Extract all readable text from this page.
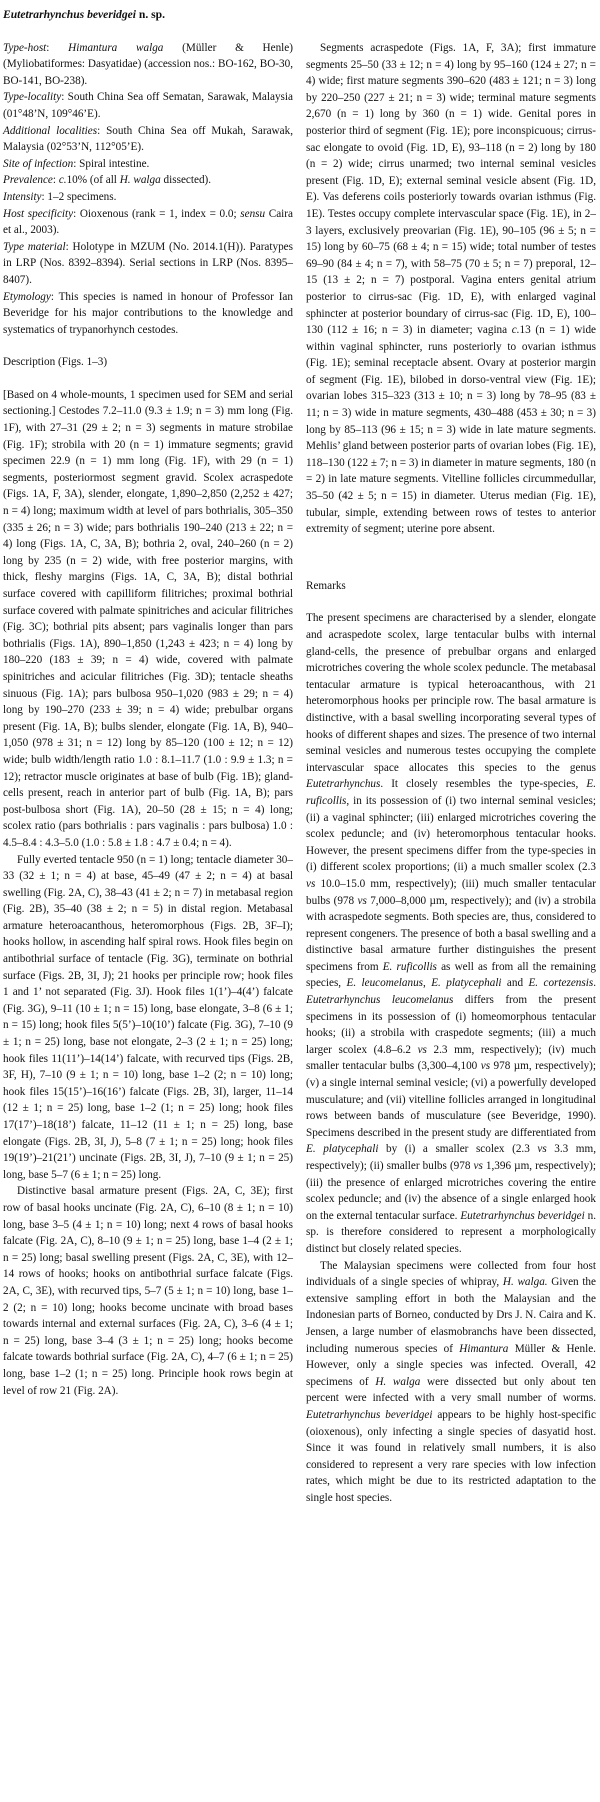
Eutetrarhynchus beveridgei n. sp.

Type-host: Himantura walga (Müller & Henle) (Myliobatiformes: Dasyatidae) (accession nos.: BO-162, BO-30, BO-141, BO-238).

Type-locality: South China Sea off Sematan, Sarawak, Malaysia (01°48’N, 109°46’E).

Additional localities: South China Sea off Mukah, Sarawak, Malaysia (02°53’N, 112°05’E).

Site of infection: Spiral intestine.

Prevalence: c.10% (of all H. walga dissected).

Intensity: 1–2 specimens.

Host specificity: Oioxenous (rank = 1, index = 0.0; sensu Caira et al., 2003).

Type material: Holotype in MZUM (No. 2014.1(H)). Paratypes in LRP (Nos. 8392–8394). Serial sections in LRP (Nos. 8395–8407).

Etymology: This species is named in honour of Professor Ian Beveridge for his major contributions to the knowledge and systematics of trypanorhynch cestodes.

Description (Figs. 1–3)

[Based on 4 whole-mounts, 1 specimen used for SEM and serial sectioning.] Cestodes 7.2–11.0 (9.3 ± 1.9; n = 3) mm long (Fig. 1F), with 27–31 (29 ± 2; n = 3) segments in mature strobilae (Fig. 1F); strobila with 20 (n = 1) immature segments; gravid specimen 22.9 (n = 1) mm long (Fig. 1F), with 29 (n = 1) segments, posteriormost segment gravid. Scolex acraspedote (Figs. 1A, F, 3A), slender, elongate, 1,890–2,850 (2,252 ± 427; n = 4) long; maximum width at level of pars bothrialis, 305–350 (335 ± 26; n = 3) wide; pars bothrialis 190–240 (213 ± 22; n = 4) long (Figs. 1A, C, 3A, B); bothria 2, oval, 240–260 (n = 2) long by 235 (n = 2) wide, with free posterior margins, with thick, fleshy margins (Figs. 1A, C, 3A, B); distal bothrial surface covered with capilliform filitriches; proximal bothrial surface covered with palmate spinitriches and acicular filitriches (Fig. 3C); bothrial pits absent; pars vaginalis longer than pars bothrialis (Figs. 1A), 890–1,850 (1,243 ± 423; n = 4) long by 180–220 (183 ± 39; n = 4) wide, covered with palmate spinitriches and acicular filitriches (Fig. 3D); tentacle sheaths sinuous (Fig. 1A); pars bulbosa 950–1,020 (983 ± 29; n = 4) long by 190–270 (233 ± 39; n = 4) wide; prebulbar organs present (Fig. 1A, B); bulbs slender, elongate (Fig. 1A, B), 940–1,050 (978 ± 31; n = 12) long by 85–120 (100 ± 12; n = 12) wide; bulb width/length ratio 1.0 : 8.1–11.7 (1.0 : 9.9 ± 1.3; n = 12); retractor muscle originates at base of bulb (Fig. 1B); gland-cells present, reach in anterior part of bulb (Fig. 1A, B); pars post-bulbosa short (Fig. 1A), 20–50 (28 ± 15; n = 4) long; scolex ratio (pars bothrialis : pars vaginalis : pars bulbosa) 1.0 : 4.5–8.4 : 4.3–5.0 (1.0 : 5.8 ± 1.8 : 4.7 ± 0.4; n = 4).

Fully everted tentacle 950 (n = 1) long; tentacle diameter 30–33 (32 ± 1; n = 4) at base, 45–49 (47 ± 2; n = 4) at basal swelling (Fig. 2A, C), 38–43 (41 ± 2; n = 7) in metabasal region (Fig. 2B), 35–40 (38 ± 2; n = 5) in distal region. Metabasal armature heteroacanthous, heteromorphous (Figs. 2B, 3F–I); hooks hollow, in ascending half spiral rows. Hook files begin on antibothrial surface of tentacle (Fig. 3G), terminate on bothrial surface (Figs. 2B, 3I, J); 21 hooks per principle row; hook files 1 and 1’ not separated (Fig. 3J). Hook files 1(1’)–4(4’) falcate (Fig. 3G), 9–11 (10 ± 1; n = 15) long, base elongate, 3–8 (6 ± 1; n = 15) long; hook files 5(5’)–10(10’) falcate (Fig. 3G), 7–10 (9 ± 1; n = 25) long, base not elongate, 2–3 (2 ± 1; n = 25) long; hook files 11(11’)–14(14’) falcate, with recurved tips (Figs. 2B, 3F, H), 7–10 (9 ± 1; n = 10) long, base 1–2 (2; n = 10) long; hook files 15(15’)–16(16’) falcate (Figs. 2B, 3I), larger, 11–14 (12 ± 1; n = 25) long, base 1–2 (1; n = 25) long; hook files 17(17’)–18(18’) falcate, 11–12 (11 ± 1; n = 25) long, base elongate (Figs. 2B, 3I, J), 5–8 (7 ± 1; n = 25) long; hook files 19(19’)–21(21’) uncinate (Figs. 2B, 3I, J), 7–10 (9 ± 1; n = 25) long, base 5–7 (6 ± 1; n = 25) long.

Distinctive basal armature present (Figs. 2A, C, 3E); first row of basal hooks uncinate (Fig. 2A, C), 6–10 (8 ± 1; n = 10) long, base 3–5 (4 ± 1; n = 10) long; next 4 rows of basal hooks falcate (Fig. 2A, C), 8–10 (9 ± 1; n = 25) long, base 1–4 (2 ± 1; n = 25) long; basal swelling present (Figs. 2A, C, 3E), with 12–14 rows of hooks; hooks on antibothrial surface falcate (Figs. 2A, C, 3E), with recurved tips, 5–7 (5 ± 1; n = 10) long, base 1–2 (2; n = 10) long; hooks become uncinate with broad bases towards internal and external surfaces (Fig. 2A, C), 3–6 (4 ± 1; n = 25) long, base 3–4 (3 ± 1; n = 25) long; hooks become falcate towards bothrial surface (Fig. 2A, C), 4–7 (6 ± 1; n = 25) long, base 1–2 (1; n = 25) long. Principle hook rows begin at level of row 21 (Fig. 2A).

Segments acraspedote (Figs. 1A, F, 3A); first immature segments 25–50 (33 ± 12; n = 4) long by 95–160 (124 ± 27; n = 4) wide; first mature segments 390–620 (483 ± 121; n = 3) long by 220–250 (227 ± 21; n = 3) wide; terminal mature segments 2,670 (n = 1) long by 360 (n = 1) wide. Genital pores in posterior third of segment (Fig. 1E); pore inconspicuous; cirrus-sac elongate to ovoid (Fig. 1D, E), 93–118 (n = 2) long by 180 (n = 2) wide; cirrus unarmed; two internal seminal vesicles present (Fig. 1D, E); external seminal vesicle absent (Fig. 1D, E). Vas deferens coils posteriorly towards ovarian isthmus (Fig. 1E). Testes occupy complete intervascular space (Fig. 1E), in 2–3 layers, exclusively preovarian (Fig. 1E), 90–105 (96 ± 5; n = 15) long by 60–75 (68 ± 4; n = 15) wide; total number of testes 69–90 (84 ± 4; n = 7), with 58–75 (70 ± 5; n = 7) preporal, 12–15 (13 ± 2; n = 7) postporal. Vagina enters genital atrium posterior to cirrus-sac (Fig. 1D, E), with enlarged vaginal sphincter at posterior boundary of cirrus-sac (Fig. 1D, E), 100–130 (112 ± 16; n = 3) in diameter; vagina c.13 (n = 1) wide within vaginal sphincter, runs posteriorly to ovarian isthmus (Fig. 1E); seminal receptacle absent. Ovary at posterior margin of segment (Fig. 1E), bilobed in dorso-ventral view (Fig. 1E); ovarian lobes 315–323 (313 ± 10; n = 3) long by 78–95 (83 ± 11; n = 3) wide in mature segments, 430–488 (453 ± 30; n = 3) long by 85–113 (96 ± 15; n = 3) wide in late mature segments. Mehlis’ gland between posterior parts of ovarian lobes (Fig. 1E), 118–130 (122 ± 7; n = 3) in diameter in mature segments, 180 (n = 2) in late mature segments. Vitelline follicles circummedullar, 35–50 (42 ± 5; n = 15) in diameter. Uterus median (Fig. 1E), tubular, simple, extending between rows of testes to anterior extremity of segment; uterine pore absent.

Remarks

The present specimens are characterised by a slender, elongate and acraspedote scolex, large tentacular bulbs with internal gland-cells, the presence of prebulbar organs and enlarged microtriches covering the whole scolex peduncle. The metabasal tentacular armature is typical heteroacanthous, with 21 heteromorphous hooks per principle row. The basal armature is distinctive, with a basal swelling incorporating several types of hooks of different shapes and sizes. The presence of two internal seminal vesicles and numerous testes occupying the complete intervascular space allocates this species to the genus Eutetrarhynchus. It closely resembles the type-species, E. ruficollis, in its possession of (i) two internal seminal vesicles; (ii) a vaginal sphincter; (iii) enlarged microtriches covering the scolex peduncle; and (iv) heteromorphous tentacular hooks. However, the present specimens differ from the type-species in (i) different scolex proportions; (ii) a much smaller scolex (2.3 vs 10.0–15.0 mm, respectively); (iii) much smaller tentacular bulbs (978 vs 7,000–8,000 µm, respectively); and (iv) a strobila with acraspedote segments. Both species are, thus, considered to represent congeners. The presence of both a basal swelling and a distinctive basal armature further distinguishes the present specimens from E. ruficollis as well as from all the remaining species, E. leucomelanus, E. platycephali and E. cortezensis. Eutetrarhynchus leucomelanus differs from the present specimens in its possession of (i) homeomorphous tentacular hooks; (ii) a strobila with craspedote segments; (iii) a much larger scolex (4.8–6.2 vs 2.3 mm, respectively); (iv) much smaller tentacular bulbs (3,300–4,100 vs 978 µm, respectively); (v) a single internal seminal vesicle; (vi) a powerfully developed musculature; and (vii) vitelline follicles arranged in longitudinal rows between bands of musculature (see Beveridge, 1990). Specimens described in the present study are differentiated from E. platycephali by (i) a smaller scolex (2.3 vs 3.3 mm, respectively); (ii) smaller bulbs (978 vs 1,396 µm, respectively); (iii) the presence of enlarged microtriches covering the entire scolex peduncle; and (iv) the absence of a single enlarged hook on the external tentacular surface. Eutetrarhynchus beveridgei n. sp. is therefore considered to represent a morphologically distinct but closely related species.

The Malaysian specimens were collected from four host individuals of a single species of whipray, H. walga. Given the extensive sampling effort in both the Malaysian and the Indonesian parts of Borneo, conducted by Drs J. N. Caira and K. Jensen, a large number of elasmobranchs have been dissected, including numerous species of Himantura Müller & Henle. However, only a single species was infected. Overall, 42 specimens of H. walga were dissected but only about ten percent were infected with a very small number of worms. Eutetrarhynchus beveridgei appears to be highly host-specific (oioxenous), only infecting a single species of dasyatid host. Since it was found in relatively small numbers, it is also considered to represent a very rare species with low infection rates, which might be due to its restricted adaptation to the single host species.
